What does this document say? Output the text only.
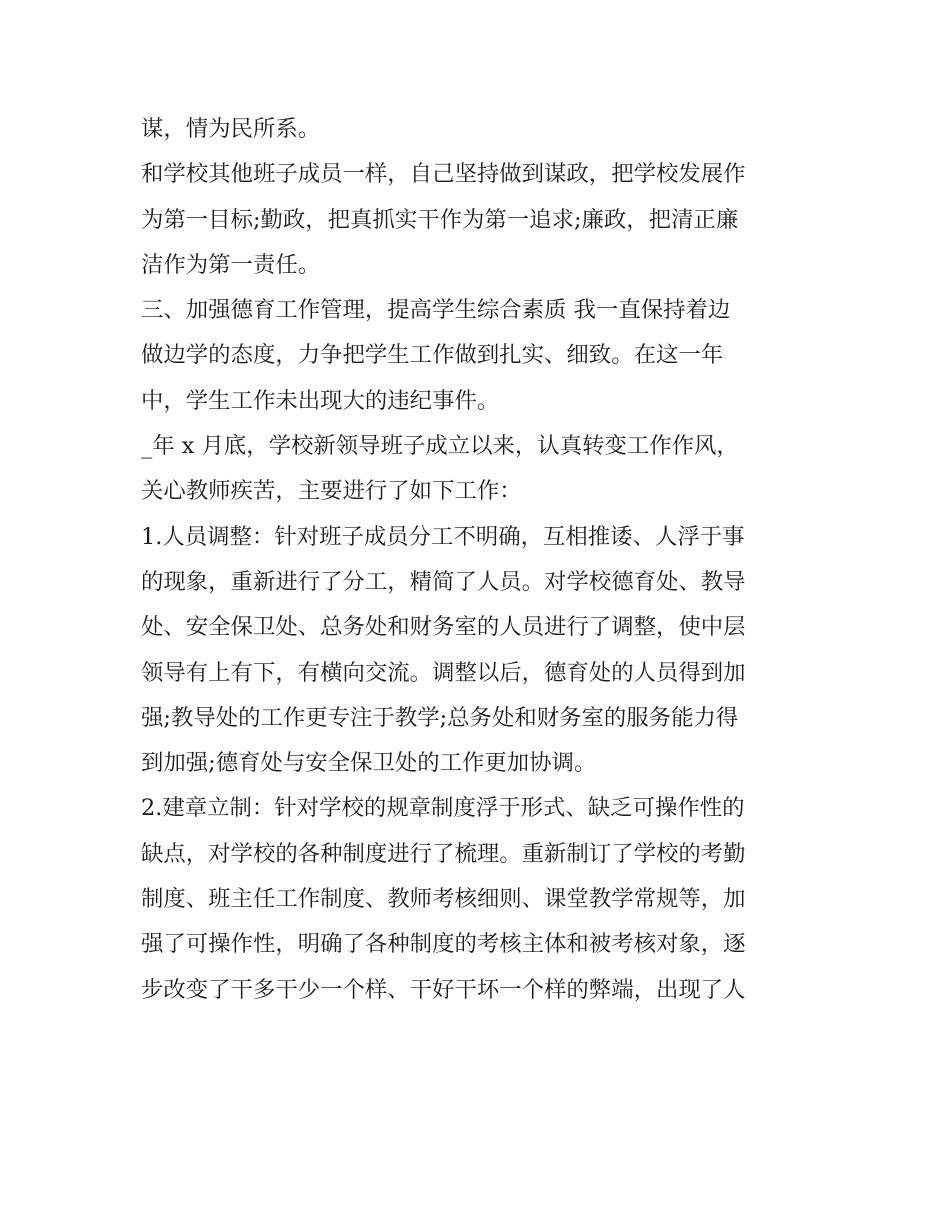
谋，情为民所系。
和学校其他班子成员一样，自己坚持做到谋政，把学校发展作
为第一目标;勤政，把真抓实干作为第一追求;廉政，把清正廉
洁作为第一责任。
三、加强德育工作管理，提高学生综合素质 我一直保持着边
做边学的态度，力争把学生工作做到扎实、细致。在这一年
中，学生工作未出现大的违纪事件。
_年 x 月底，学校新领导班子成立以来，认真转变工作作风，
关心教师疾苦，主要进行了如下工作：
1.人员调整：针对班子成员分工不明确，互相推诿、人浮于事
的现象，重新进行了分工，精简了人员。对学校德育处、教导
处、安全保卫处、总务处和财务室的人员进行了调整，使中层
领导有上有下，有横向交流。调整以后，德育处的人员得到加
强;教导处的工作更专注于教学;总务处和财务室的服务能力得
到加强;德育处与安全保卫处的工作更加协调。
2.建章立制：针对学校的规章制度浮于形式、缺乏可操作性的
缺点，对学校的各种制度进行了梳理。重新制订了学校的考勤
制度、班主任工作制度、教师考核细则、课堂教学常规等，加
强了可操作性，明确了各种制度的考核主体和被考核对象，逐
步改变了干多干少一个样、干好干坏一个样的弊端，出现了人
